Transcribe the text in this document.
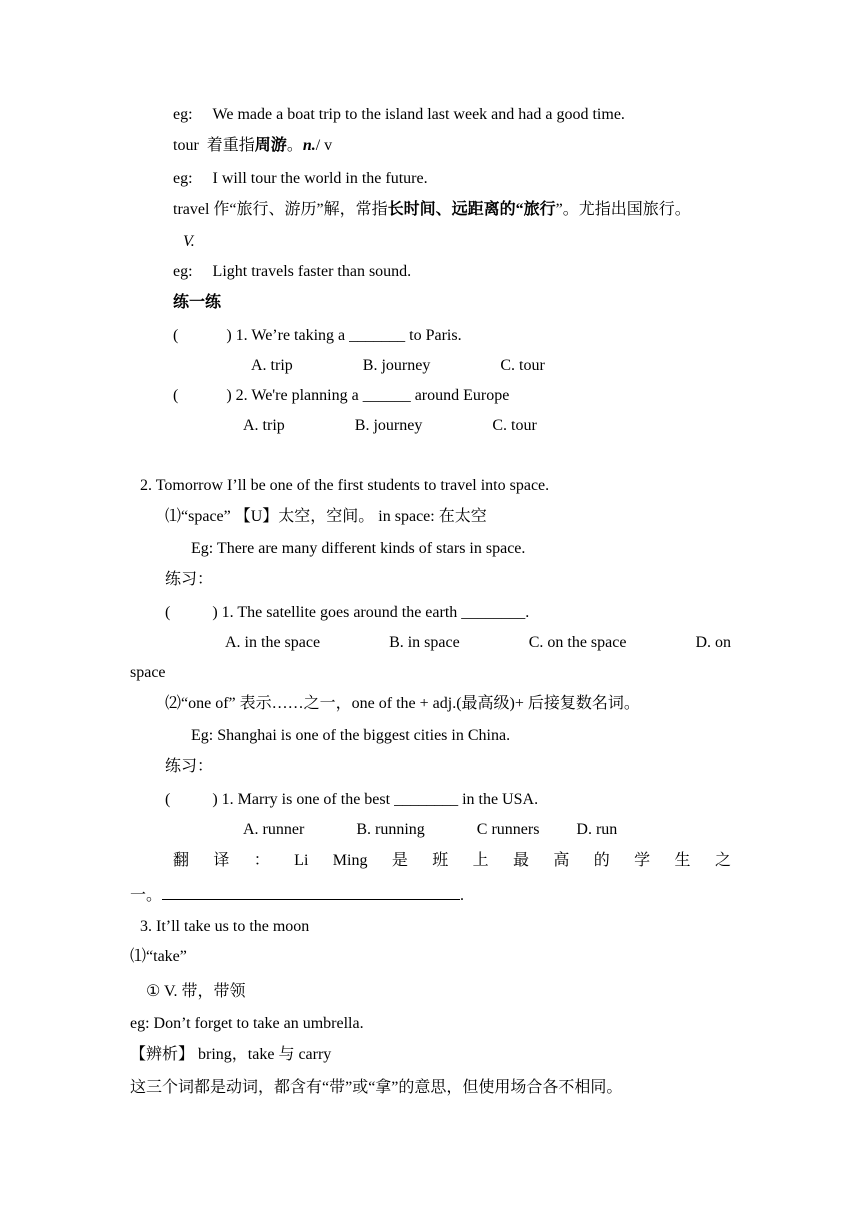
eg: We made a boat trip to the island last week and had a good time.
tour 着重指周游。n./ v
eg: I will tour the world in the future.
travel 作“旅行、游历”解，常指长时间、远距离的“旅行”。尤指出国旅行。
V.
eg: Light travels faster than sound.
练一练
(	) 1. We’re taking a _______ to Paris.
A. trip	B. journey	C. tour
(	) 2. We're planning a ______ around Europe
A. trip	B. journey	C. tour
2. Tomorrow I’ll be one of the first students to travel into space.
⑴“space” 【U】太空，空间。 in space: 在太空
Eg: There are many different kinds of stars in space.
练习：
(	) 1. The satellite goes around the earth ________.
A. in the space	B. in space	C. on the space	D. on
space
⑵“one of” 表示……之一，one of the + adj.(最高级)+ 后接复数名词。
Eg: Shanghai is one of the biggest cities in China.
练习：
(	) 1. Marry is one of the best ________ in the USA.
A. runner	B. running	C runners D. run
翻 译 ： Li Ming 是 班 上 最 高 的 学 生 之
一。	.
3. It’ll take us to the moon
⑴“take”
① V. 带，带领
eg: Don’t forget to take an umbrella.
【辨析】 bring，take 与 carry
这三个词都是动词，都含有“带”或“拿”的意思，但使用场合各不相同。
